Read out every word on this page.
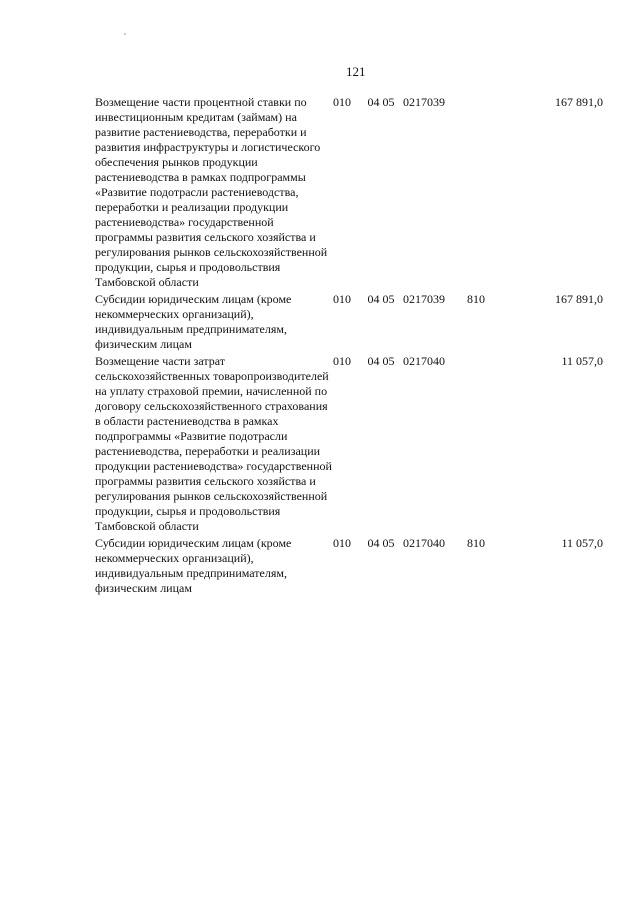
121
Возмещение части процентной ставки по инвестиционным кредитам (займам) на развитие растениеводства, переработки и развития инфраструктуры и логистического обеспечения рынков продукции растениеводства в рамках подпрограммы «Развитие подотрасли растениеводства, переработки и реализации продукции растениеводства» государственной программы развития сельского хозяйства и регулирования рынков сельскохозяйственной продукции, сырья и продовольствия Тамбовской области	010	04 05	0217039		167 891,0
Субсидии юридическим лицам (кроме некоммерческих организаций), индивидуальным предпринимателям, физическим лицам	010	04 05	0217039	810	167 891,0
Возмещение части затрат сельскохозяйственных товаропроизводителей на уплату страховой премии, начисленной по договору сельскохозяйственного страхования в области растениеводства в рамках подпрограммы «Развитие подотрасли растениеводства, переработки и реализации продукции растениеводства» государственной программы развития сельского хозяйства и регулирования рынков сельскохозяйственной продукции, сырья и продовольствия Тамбовской области	010	04 05	0217040		11 057,0
Субсидии юридическим лицам (кроме некоммерческих организаций), индивидуальным предпринимателям, физическим лицам	010	04 05	0217040	810	11 057,0
